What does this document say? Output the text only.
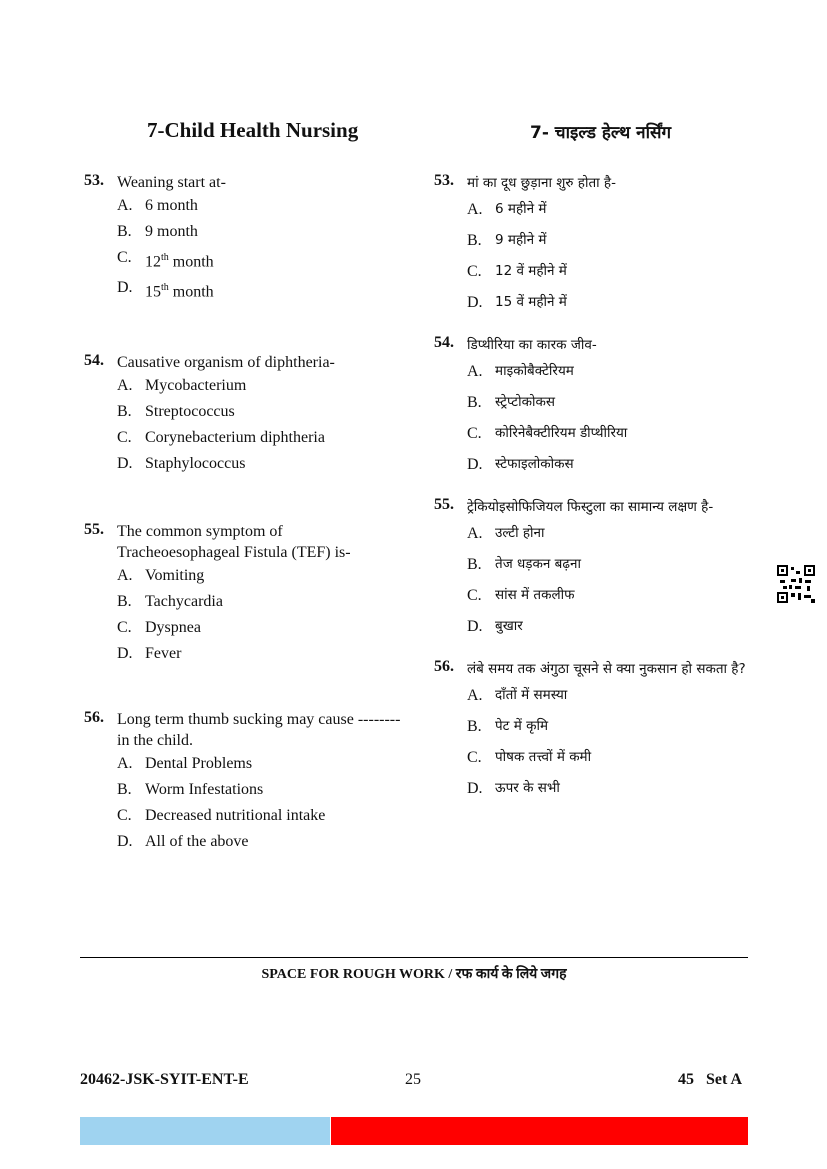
7-Child Health Nursing	7- चाइल्ड हेल्थ नर्सिंग
53. Weaning start at-
A. 6 month
B. 9 month
C. 12th month
D. 15th month
54. Causative organism of diphtheria-
A. Mycobacterium
B. Streptococcus
C. Corynebacterium diphtheria
D. Staphylococcus
55. The common symptom of Tracheoesophageal Fistula (TEF) is-
A. Vomiting
B. Tachycardia
C. Dyspnea
D. Fever
56. Long term thumb sucking may cause -------- in the child.
A. Dental Problems
B. Worm Infestations
C. Decreased nutritional intake
D. All of the above
53. मां का दूध छुड़ाना शुरु होता है-
A. 6 महीने में
B. 9 महीने में
C. 12 वें महीने में
D. 15 वें महीने में
54. डिप्थीरिया का कारक जीव-
A. माइकोबैक्टेरियम
B. स्ट्रेप्टोकोकस
C. कोरिनेबैक्टीरियम डीप्थीरिया
D. स्टेफाइलोकोकस
55. ट्रेकियोइसोफिजियल फिस्टुला का सामान्य लक्षण है-
A. उल्टी होना
B. तेज धड़कन बढ़ना
C. सांस में तकलीफ
D. बुखार
56. लंबे समय तक अंगुठा चूसने से क्या नुकसान हो सकता है?
A. दाँतों में समस्या
B. पेट में कृमि
C. पोषक तत्त्वों में कमी
D. ऊपर के सभी
SPACE FOR ROUGH WORK / रफ कार्य के लिये जगह
20462-JSK-SYIT-ENT-E	25	45   Set A
